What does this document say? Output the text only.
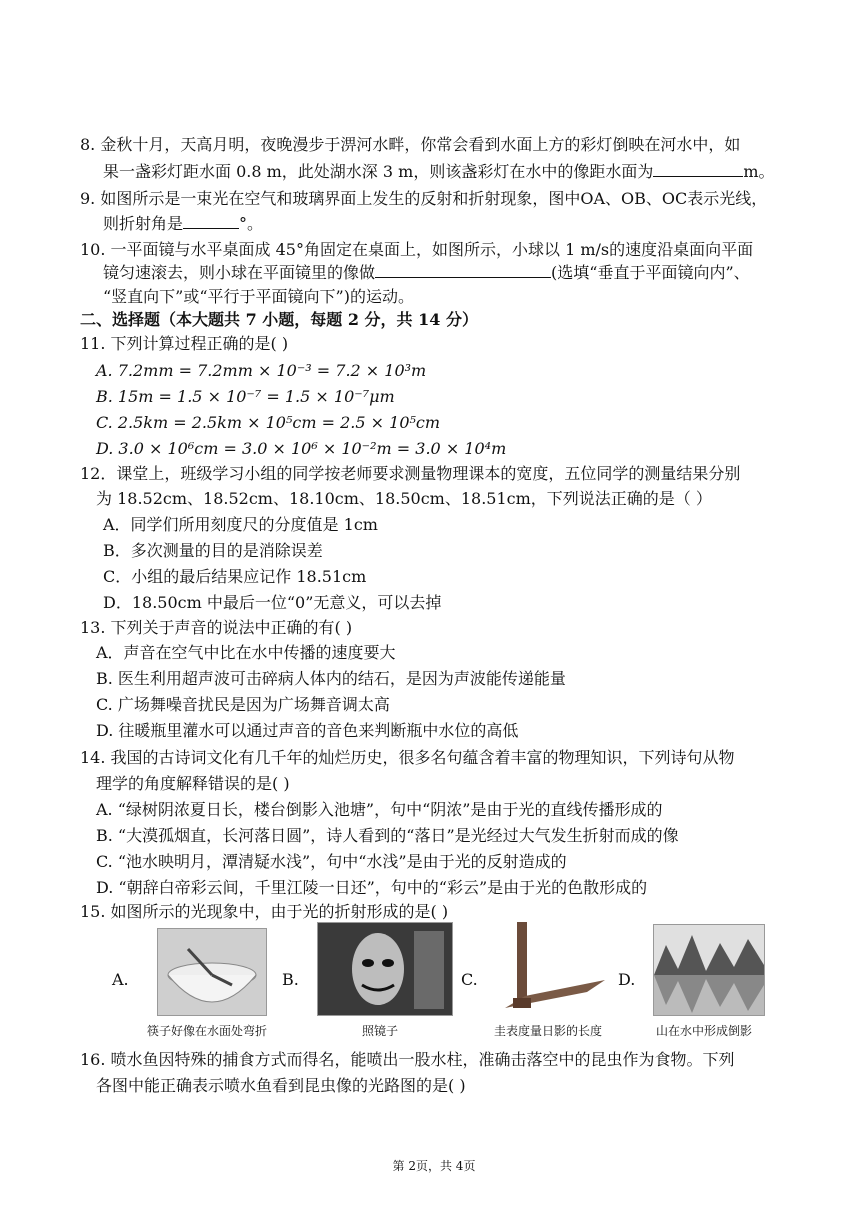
8. 金秋十月，天高月明，夜晚漫步于淠河水畔，你常会看到水面上方的彩灯倒映在河水中，如
果一盏彩灯距水面 0.8 m，此处湖水深 3 m，则该盏彩灯在水中的像距水面为	m。
9. 如图所示是一束光在空气和玻璃界面上发生的反射和折射现象，图中OA、OB、OC表示光线，
则折射角是	°。
10. 一平面镜与水平桌面成 45°角固定在桌面上，如图所示，小球以 1 m/s的速度沿桌面向平面
镜匀速滚去，则小球在平面镜里的像做	(选填“垂直于平面镜向内”、
“竖直向下”或“平行于平面镜向下”)的运动。
二、选择题（本大题共 7 小题，每题 2 分，共 14 分）
11. 下列计算过程正确的是( )
A. 7.2mm = 7.2mm × 10⁻³ = 7.2 × 10³m
B. 15m = 1.5 × 10⁻⁷ = 1.5 × 10⁻⁷μm
C. 2.5km = 2.5km × 10⁵cm = 2.5 × 10⁵cm
D. 3.0 × 10⁶cm = 3.0 × 10⁶ × 10⁻²m = 3.0 × 10⁴m
12．课堂上，班级学习小组的同学按老师要求测量物理课本的宽度，五位同学的测量结果分别
为 18.52cm、18.52cm、18.10cm、18.50cm、18.51cm，下列说法正确的是（ ）
A．同学们所用刻度尺的分度值是 1cm
B．多次测量的目的是消除误差
C．小组的最后结果应记作 18.51cm
D．18.50cm 中最后一位“0”无意义，可以去掉
13. 下列关于声音的说法中正确的有( )
A．声音在空气中比在水中传播的速度要大
B. 医生利用超声波可击碎病人体内的结石，是因为声波能传递能量
C. 广场舞噪音扰民是因为广场舞音调太高
D. 往暖瓶里灌水可以通过声音的音色来判断瓶中水位的高低
14. 我国的古诗词文化有几千年的灿烂历史，很多名句蕴含着丰富的物理知识，下列诗句从物
理学的角度解释错误的是( )
A. “绿树阴浓夏日长，楼台倒影入池塘”，句中“阴浓”是由于光的直线传播形成的
B. “大漠孤烟直，长河落日圆”，诗人看到的“落日”是光经过大气发生折射而成的像
C. “池水映明月，潭清疑水浅”，句中“水浅”是由于光的反射造成的
D. “朝辞白帝彩云间，千里江陵一日还”，句中的“彩云”是由于光的色散形成的
15. 如图所示的光现象中，由于光的折射形成的是( )
A.
筷子好像在水面处弯折
B.
照镜子
C.
圭表度量日影的长度
D.
山在水中形成倒影
16. 喷水鱼因特殊的捕食方式而得名，能喷出一股水柱，准确击落空中的昆虫作为食物。下列
各图中能正确表示喷水鱼看到昆虫像的光路图的是( )
第 2页，共 4页
